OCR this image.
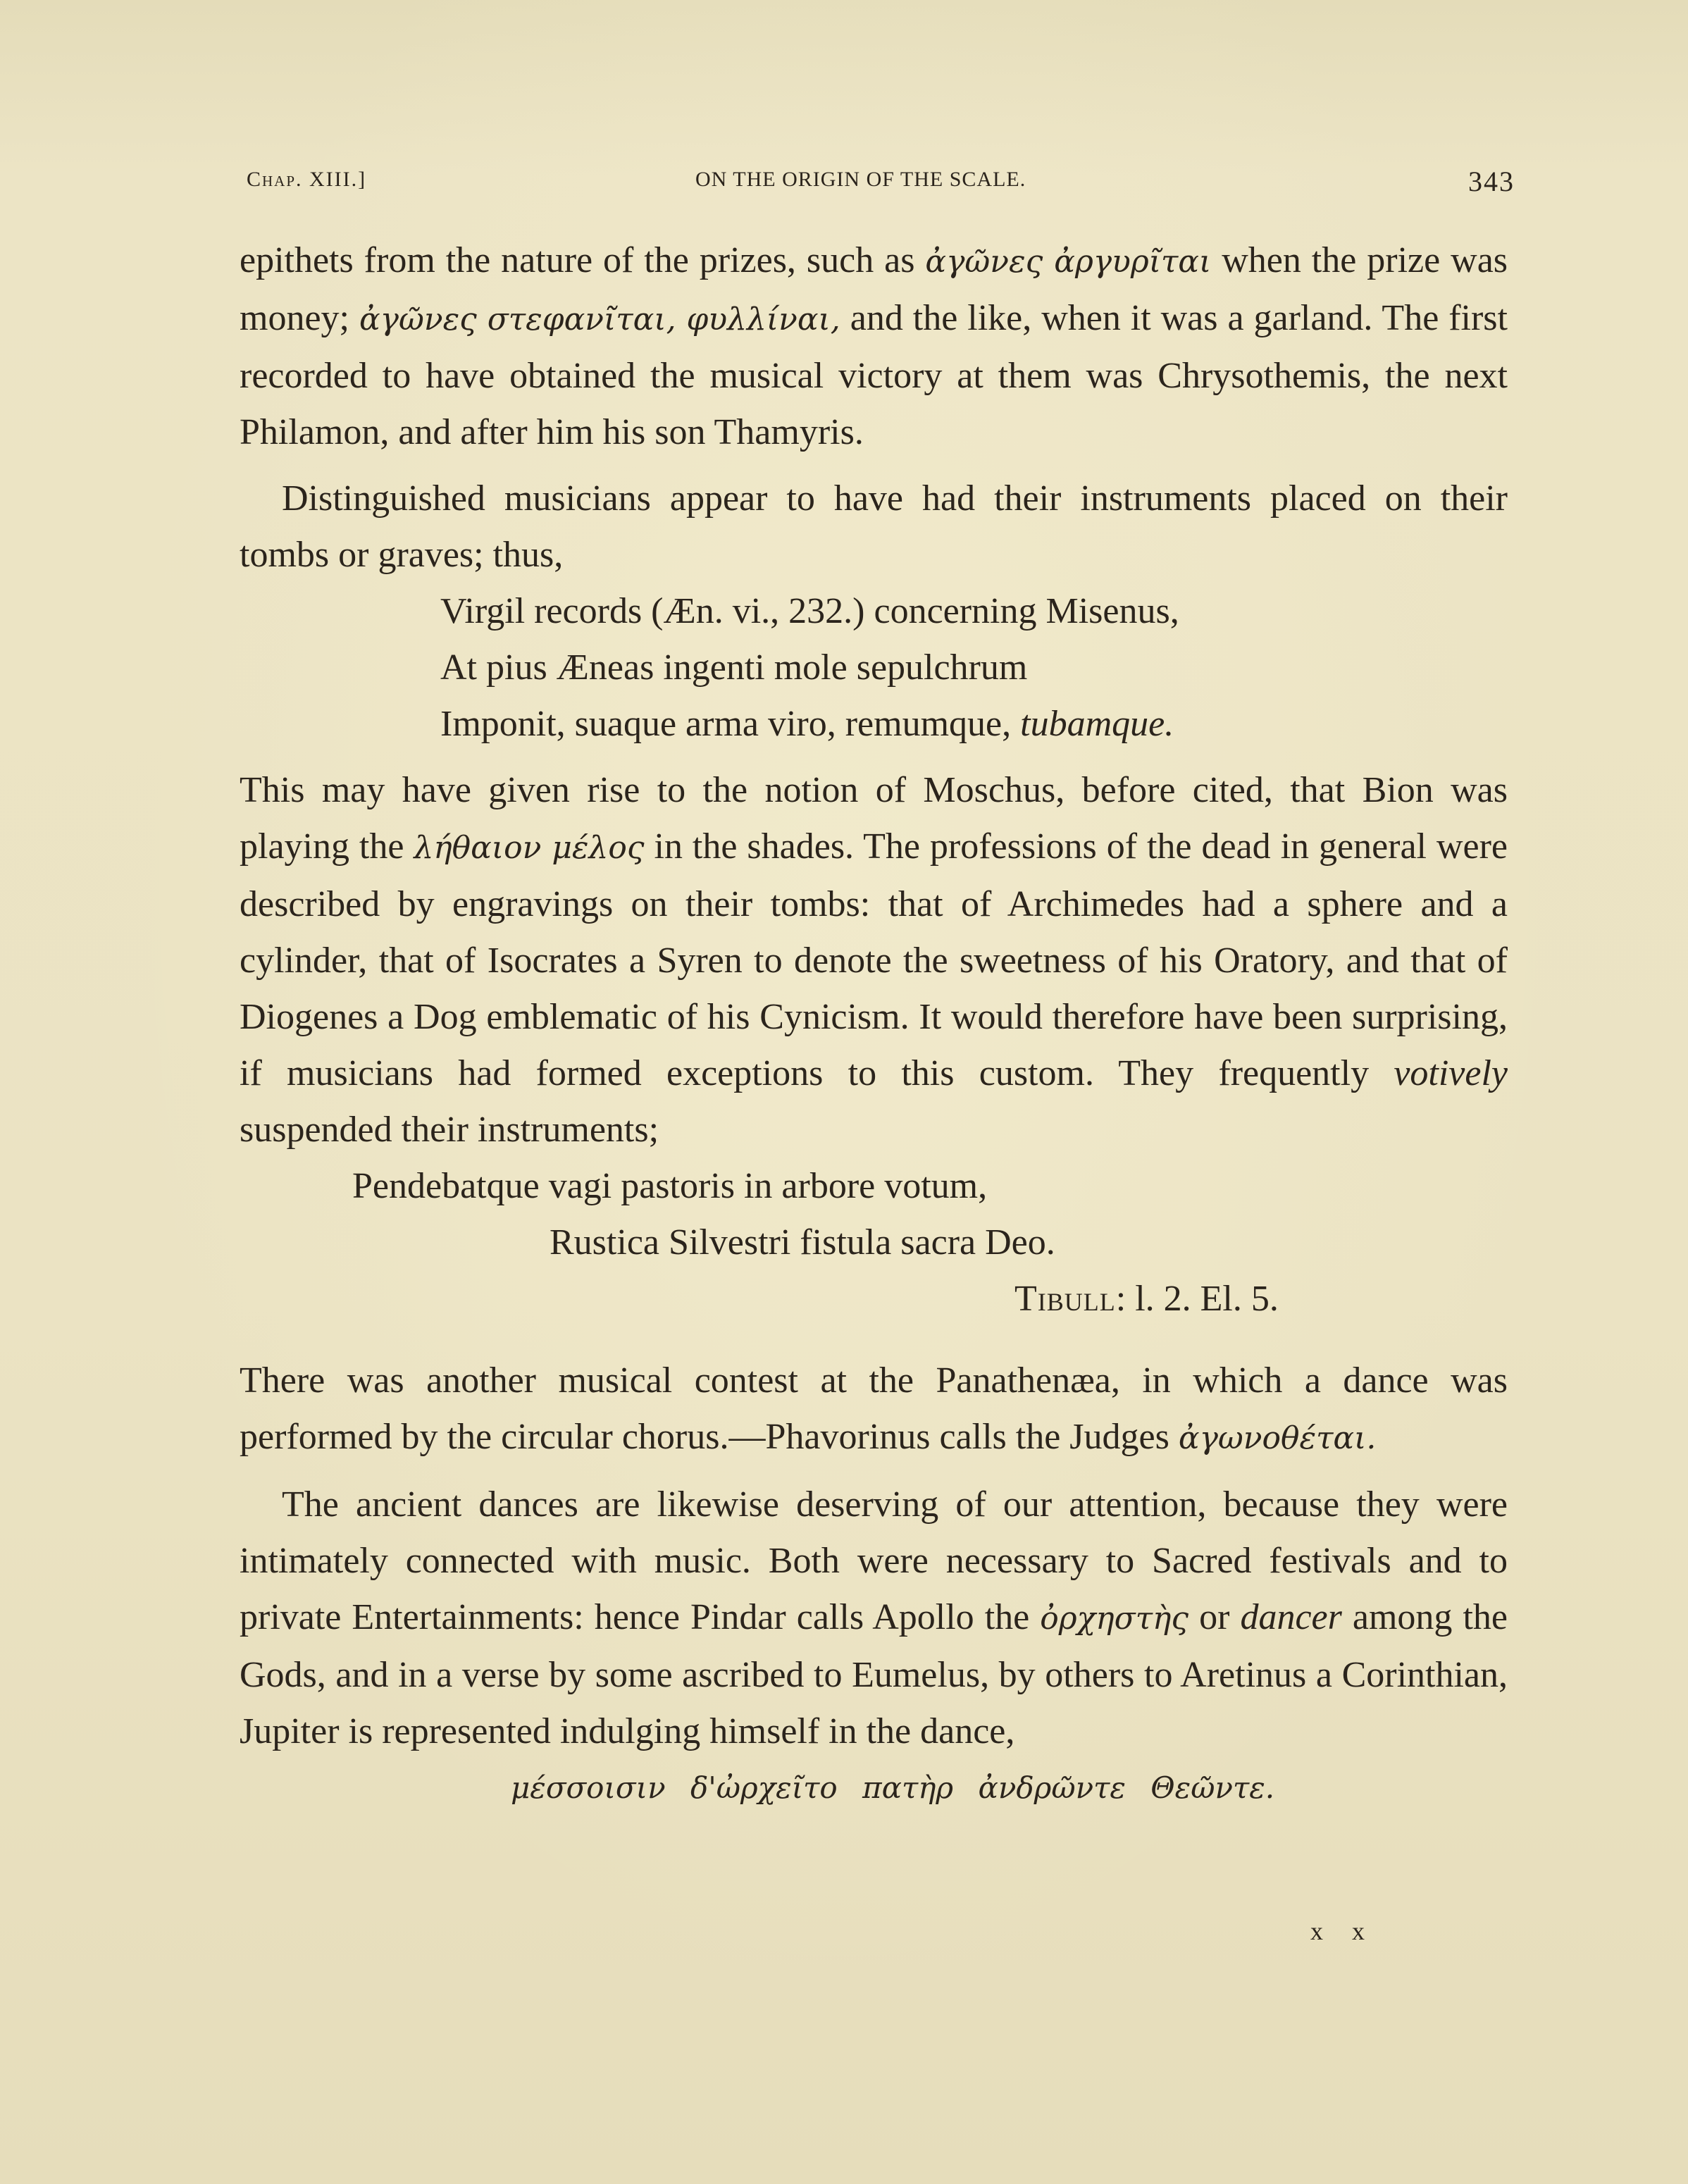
Chap. XIII.]	ON THE ORIGIN OF THE SCALE.	343

epithets from the nature of the prizes, such as ἀγῶνες ἀργυρῖται when the prize was money; ἀγῶνες στεφανῖται, φυλλίναι, and the like, when it was a garland. The first recorded to have obtained the musical victory at them was Chrysothemis, the next Philamon, and after him his son Thamyris.

Distinguished musicians appear to have had their instruments placed on their tombs or graves; thus,

Virgil records (Æn. vi., 232.) concerning Misenus,

At pius Æneas ingenti mole sepulchrum

Imponit, suaque arma viro, remumque, tubamque.

This may have given rise to the notion of Moschus, before cited, that Bion was playing the λήθαιον μέλος in the shades. The professions of the dead in general were described by engravings on their tombs: that of Archimedes had a sphere and a cylinder, that of Isocrates a Syren to denote the sweetness of his Oratory, and that of Diogenes a Dog emblematic of his Cynicism. It would therefore have been surprising, if musicians had formed exceptions to this custom. They frequently votively suspended their instruments;

Pendebatque vagi pastoris in arbore votum,

Rustica Silvestri fistula sacra Deo.

Tibull: l. 2. El. 5.

There was another musical contest at the Panathenæa, in which a dance was performed by the circular chorus.—Phavorinus calls the Judges ἀγωνοθέται.

The ancient dances are likewise deserving of our attention, because they were intimately connected with music. Both were necessary to Sacred festivals and to private Entertainments: hence Pindar calls Apollo the ὀρχηστὴς or dancer among the Gods, and in a verse by some ascribed to Eumelus, by others to Aretinus a Corinthian, Jupiter is represented indulging himself in the dance,

μέσσοισιν δ'ὠρχεῖτο πατὴρ ἀνδρῶντε Θεῶντε.

x x
